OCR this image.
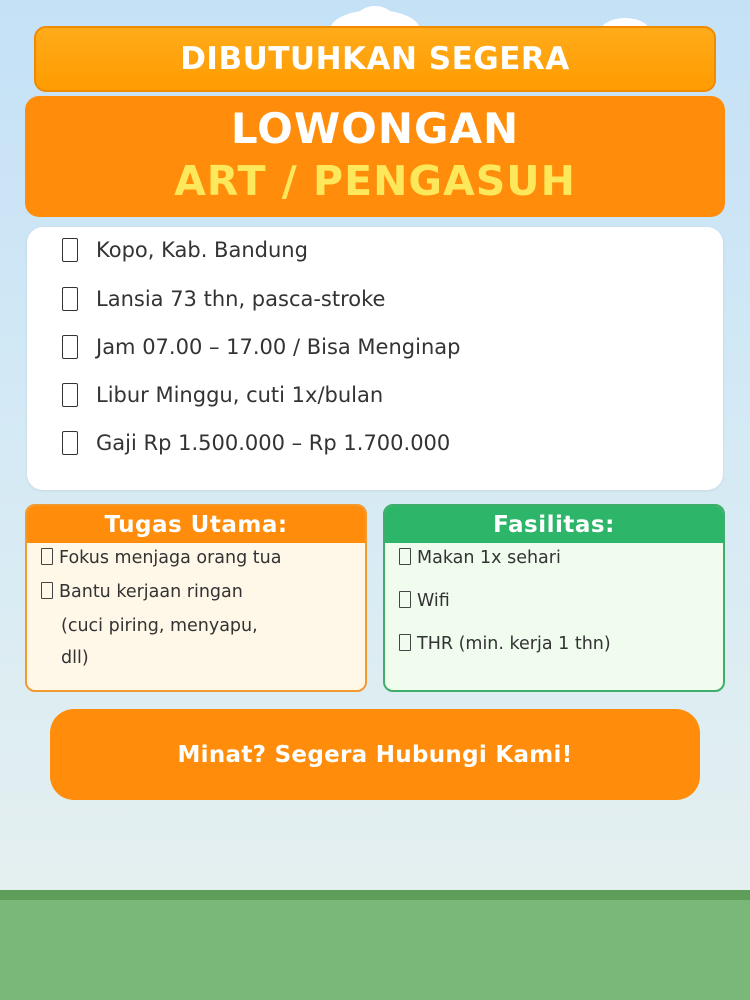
DIBUTUHKAN SEGERA
LOWONGAN
ART / PENGASUH
Kopo, Kab. Bandung
Lansia 73 thn, pasca-stroke
Jam 07.00 – 17.00 / Bisa Menginap
Libur Minggu, cuti 1x/bulan
Gaji Rp 1.500.000 – Rp 1.700.000
Tugas Utama:
Fokus menjaga orang tua
Bantu kerjaan ringan
(cuci piring, menyapu,
dll)
Fasilitas:
Makan 1x sehari
Wifi
THR (min. kerja 1 thn)
Minat? Segera Hubungi Kami!
